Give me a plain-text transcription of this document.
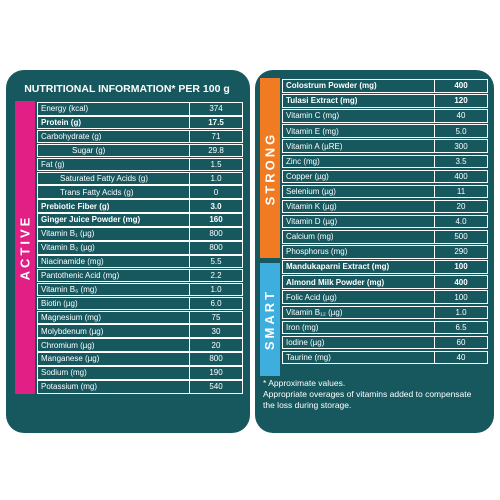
NUTRITIONAL INFORMATION* PER 100 g
ACTIVE
STRONG
SMART
Energy (kcal)	374
Protein (g)	17.5
Carbohydrate (g)	71
Sugar (g)	29.8
Fat (g)	1.5
Saturated Fatty Acids (g)	1.0
Trans Fatty Acids (g)	0
Prebiotic Fiber (g)	3.0
Ginger Juice Powder (mg)	160
Vitamin B₁ (µg)	800
Vitamin B₂ (µg)	800
Niacinamide (mg)	5.5
Pantothenic Acid (mg)	2.2
Vitamin B₆ (mg)	1.0
Biotin (µg)	6.0
Magnesium (mg)	75
Molybdenum (µg)	30
Chromium (µg)	20
Manganese (µg)	800
Sodium (mg)	190
Potassium (mg)	540
Colostrum Powder (mg)	400
Tulasi Extract (mg)	120
Vitamin C (mg)	40
Vitamin E (mg)	5.0
Vitamin A (µRE)	300
Zinc (mg)	3.5
Copper (µg)	400
Selenium (µg)	11
Vitamin K (µg)	20
Vitamin D (µg)	4.0
Calcium (mg)	500
Phosphorus (mg)	290
Mandukaparni Extract (mg)	100
Almond Milk Powder (mg)	400
Folic Acid (µg)	100
Vitamin B₁₂ (µg)	1.0
Iron (mg)	6.5
Iodine (µg)	60
Taurine (mg)	40
* Approximate values.
Appropriate overages of vitamins added to compensate the loss during storage.
